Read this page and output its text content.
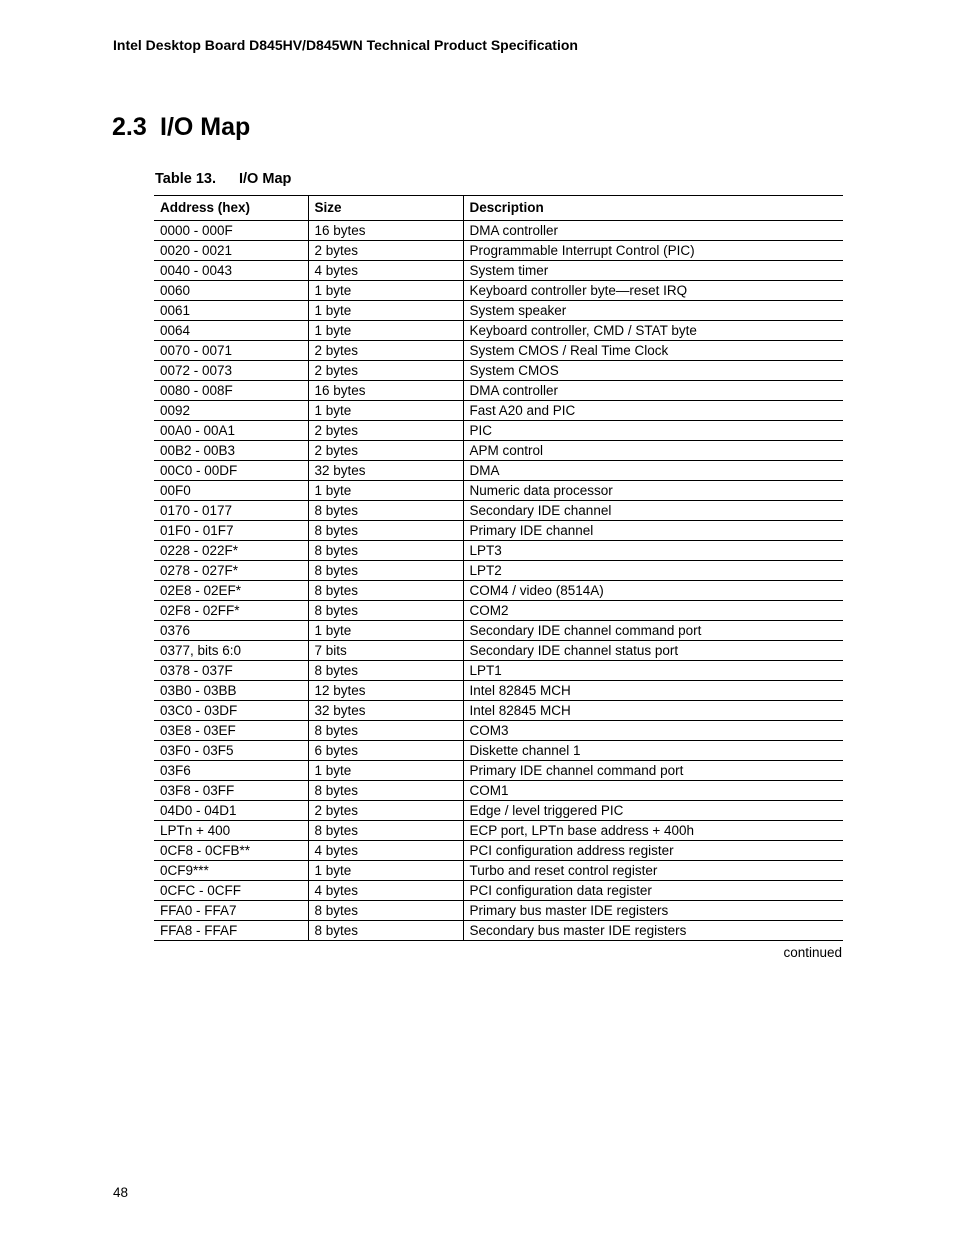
Intel Desktop Board D845HV/D845WN Technical Product Specification
2.3 I/O Map
Table 13. I/O Map
Address (hex)	Size	Description
0000 - 000F	16 bytes	DMA controller
0020 - 0021	2 bytes	Programmable Interrupt Control (PIC)
0040 - 0043	4 bytes	System timer
0060	1 byte	Keyboard controller byte—reset IRQ
0061	1 byte	System speaker
0064	1 byte	Keyboard controller, CMD / STAT byte
0070 - 0071	2 bytes	System CMOS / Real Time Clock
0072 - 0073	2 bytes	System CMOS
0080 - 008F	16 bytes	DMA controller
0092	1 byte	Fast A20 and PIC
00A0 - 00A1	2 bytes	PIC
00B2 - 00B3	2 bytes	APM control
00C0 - 00DF	32 bytes	DMA
00F0	1 byte	Numeric data processor
0170 - 0177	8 bytes	Secondary IDE channel
01F0 - 01F7	8 bytes	Primary IDE channel
0228 - 022F*	8 bytes	LPT3
0278 - 027F*	8 bytes	LPT2
02E8 - 02EF*	8 bytes	COM4 / video (8514A)
02F8 - 02FF*	8 bytes	COM2
0376	1 byte	Secondary IDE channel command port
0377, bits 6:0	7 bits	Secondary IDE channel status port
0378 - 037F	8 bytes	LPT1
03B0 - 03BB	12 bytes	Intel 82845 MCH
03C0 - 03DF	32 bytes	Intel 82845 MCH
03E8 - 03EF	8 bytes	COM3
03F0 - 03F5	6 bytes	Diskette channel 1
03F6	1 byte	Primary IDE channel command port
03F8 - 03FF	8 bytes	COM1
04D0 - 04D1	2 bytes	Edge / level triggered PIC
LPTn + 400	8 bytes	ECP port, LPTn base address + 400h
0CF8 - 0CFB**	4 bytes	PCI configuration address register
0CF9***	1 byte	Turbo and reset control register
0CFC - 0CFF	4 bytes	PCI configuration data register
FFA0 - FFA7	8 bytes	Primary bus master IDE registers
FFA8 - FFAF	8 bytes	Secondary bus master IDE registers
continued
48
